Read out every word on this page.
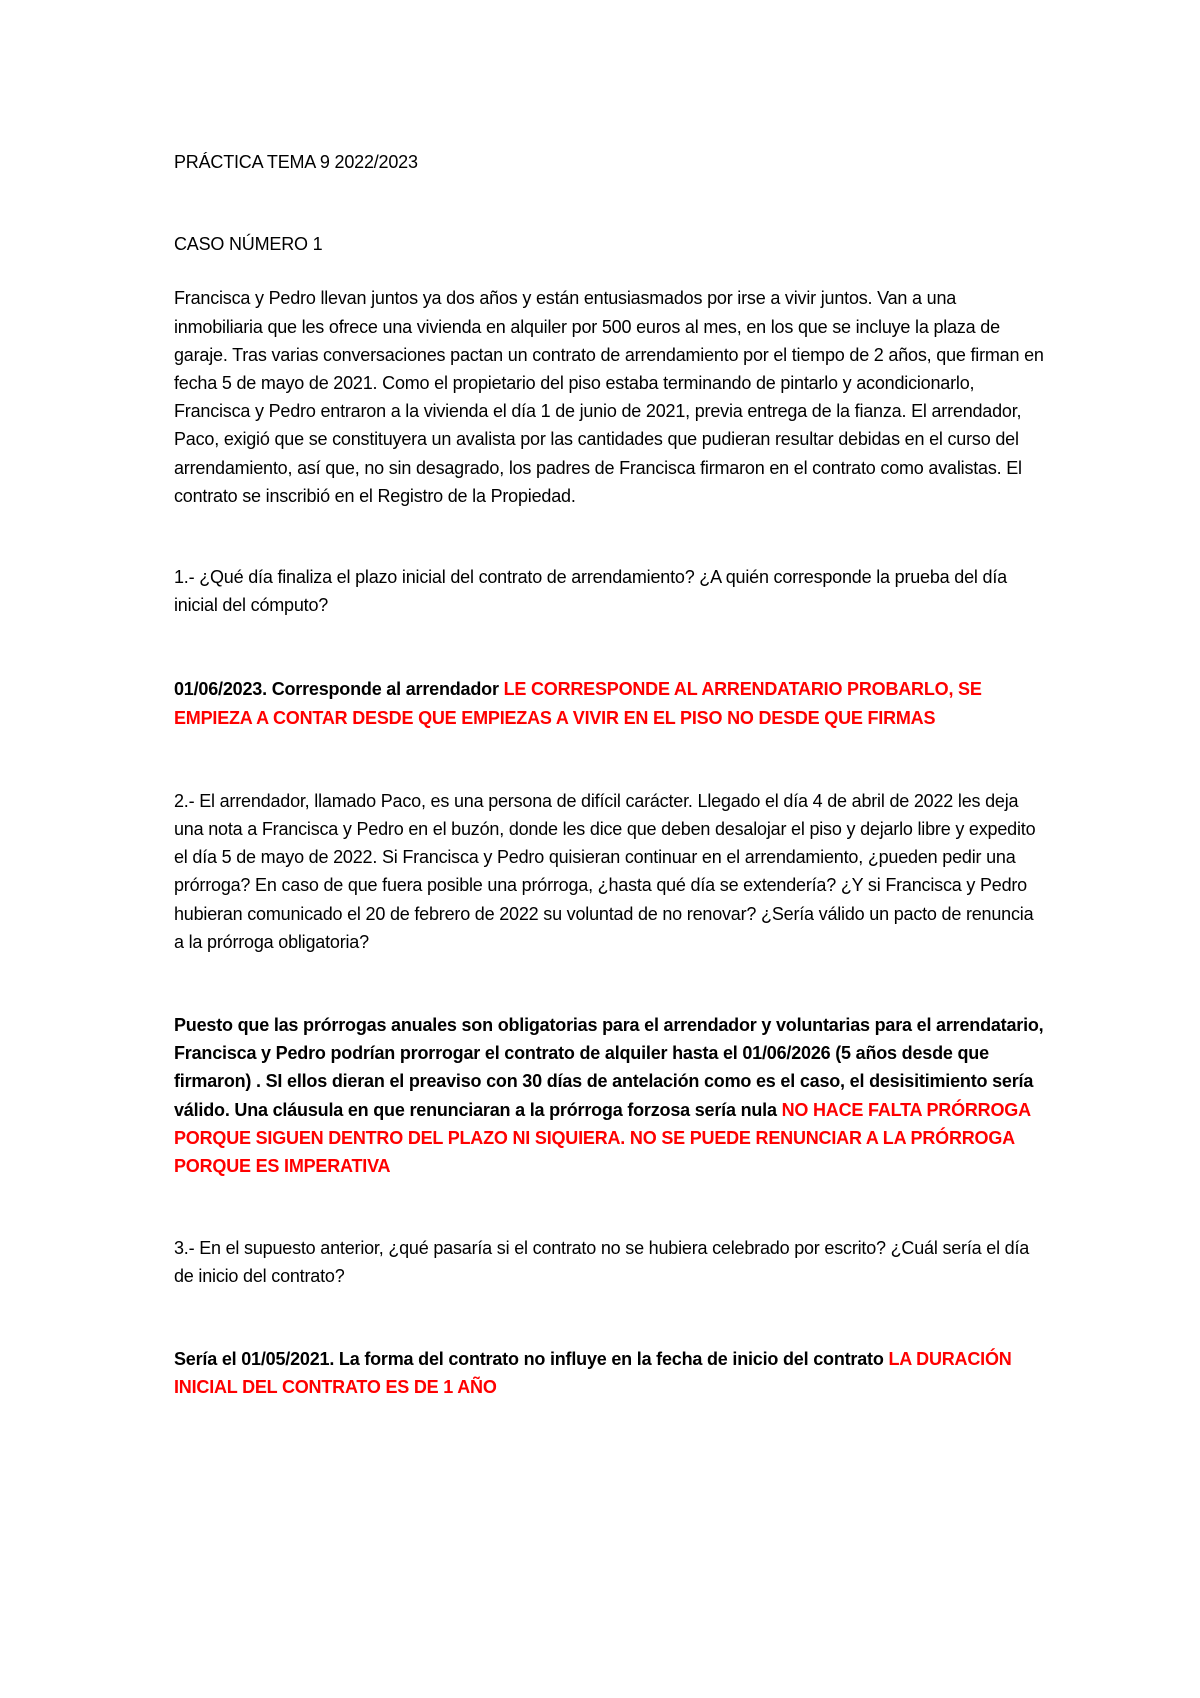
PRÁCTICA TEMA 9 2022/2023

CASO NÚMERO 1

Francisca y Pedro llevan juntos ya dos años y están entusiasmados por irse a vivir juntos. Van a una inmobiliaria que les ofrece una vivienda en alquiler por 500 euros al mes, en los que se incluye la plaza de garaje. Tras varias conversaciones pactan un contrato de arrendamiento por el tiempo de 2 años, que firman en fecha 5 de mayo de 2021. Como el propietario del piso estaba terminando de pintarlo y acondicionarlo, Francisca y Pedro entraron a la vivienda el día 1 de junio de 2021, previa entrega de la fianza. El arrendador, Paco, exigió que se constituyera un avalista por las cantidades que pudieran resultar debidas en el curso del arrendamiento, así que, no sin desagrado, los padres de Francisca firmaron en el contrato como avalistas. El contrato se inscribió en el Registro de la Propiedad.

1.- ¿Qué día finaliza el plazo inicial del contrato de arrendamiento? ¿A quién corresponde la prueba del día inicial del cómputo?

01/06/2023. Corresponde al arrendador LE CORRESPONDE AL ARRENDATARIO PROBARLO, SE EMPIEZA A CONTAR DESDE QUE EMPIEZAS A VIVIR EN EL PISO NO DESDE QUE FIRMAS

2.- El arrendador, llamado Paco, es una persona de difícil carácter. Llegado el día 4 de abril de 2022 les deja una nota a Francisca y Pedro en el buzón, donde les dice que deben desalojar el piso y dejarlo libre y expedito el día 5 de mayo de 2022. Si Francisca y Pedro quisieran continuar en el arrendamiento, ¿pueden pedir una prórroga? En caso de que fuera posible una prórroga, ¿hasta qué día se extendería? ¿Y si Francisca y Pedro hubieran comunicado el 20 de febrero de 2022 su voluntad de no renovar? ¿Sería válido un pacto de renuncia a la prórroga obligatoria?

Puesto que las prórrogas anuales son obligatorias para el arrendador y voluntarias para el arrendatario, Francisca y Pedro podrían prorrogar el contrato de alquiler hasta el 01/06/2026 (5 años desde que firmaron) . SI ellos dieran el preaviso con 30 días de antelación como es el caso, el desisitimiento sería válido. Una cláusula en que renunciaran a la prórroga forzosa sería nula NO HACE FALTA PRÓRROGA PORQUE SIGUEN DENTRO DEL PLAZO NI SIQUIERA. NO SE PUEDE RENUNCIAR A LA PRÓRROGA PORQUE ES IMPERATIVA

3.- En el supuesto anterior, ¿qué pasaría si el contrato no se hubiera celebrado por escrito? ¿Cuál sería el día de inicio del contrato?

Sería el 01/05/2021. La forma del contrato no influye en la fecha de inicio del contrato LA DURACIÓN INICIAL DEL CONTRATO ES DE 1 AÑO
